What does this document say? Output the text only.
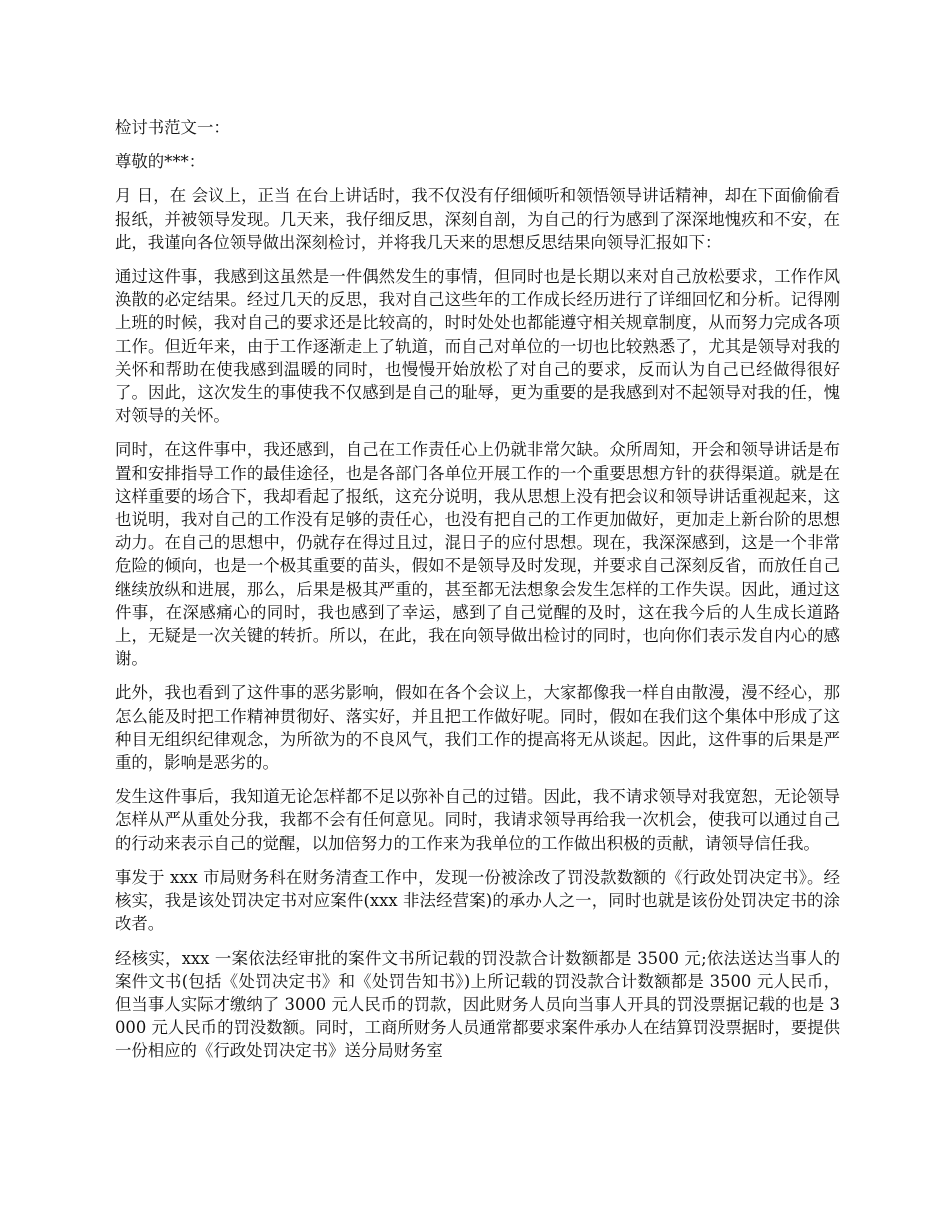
检讨书范文一：

尊敬的***：

月 日，在 会议上，正当 在台上讲话时，我不仅没有仔细倾听和领悟领导讲话精神，却在下面偷偷看报纸，并被领导发现。几天来，我仔细反思，深刻自剖，为自己的行为感到了深深地愧疚和不安，在此，我谨向各位领导做出深刻检讨，并将我几天来的思想反思结果向领导汇报如下：

通过这件事，我感到这虽然是一件偶然发生的事情，但同时也是长期以来对自己放松要求，工作作风涣散的必定结果。经过几天的反思，我对自己这些年的工作成长经历进行了详细回忆和分析。记得刚上班的时候，我对自己的要求还是比较高的，时时处处也都能遵守相关规章制度，从而努力完成各项工作。但近年来，由于工作逐渐走上了轨道，而自己对单位的一切也比较熟悉了，尤其是领导对我的关怀和帮助在使我感到温暖的同时，也慢慢开始放松了对自己的要求，反而认为自己已经做得很好了。因此，这次发生的事使我不仅感到是自己的耻辱，更为重要的是我感到对不起领导对我的任，愧对领导的关怀。

同时，在这件事中，我还感到，自己在工作责任心上仍就非常欠缺。众所周知，开会和领导讲话是布置和安排指导工作的最佳途径，也是各部门各单位开展工作的一个重要思想方针的获得渠道。就是在这样重要的场合下，我却看起了报纸，这充分说明，我从思想上没有把会议和领导讲话重视起来，这也说明，我对自己的工作没有足够的责任心，也没有把自己的工作更加做好，更加走上新台阶的思想动力。在自己的思想中，仍就存在得过且过，混日子的应付思想。现在，我深深感到，这是一个非常危险的倾向，也是一个极其重要的苗头，假如不是领导及时发现，并要求自己深刻反省，而放任自己继续放纵和进展，那么，后果是极其严重的，甚至都无法想象会发生怎样的工作失误。因此，通过这件事，在深感痛心的同时，我也感到了幸运，感到了自己觉醒的及时，这在我今后的人生成长道路上，无疑是一次关键的转折。所以，在此，我在向领导做出检讨的同时，也向你们表示发自内心的感谢。

此外，我也看到了这件事的恶劣影响，假如在各个会议上，大家都像我一样自由散漫，漫不经心，那怎么能及时把工作精神贯彻好、落实好，并且把工作做好呢。同时，假如在我们这个集体中形成了这种目无组织纪律观念，为所欲为的不良风气，我们工作的提高将无从谈起。因此，这件事的后果是严重的，影响是恶劣的。

发生这件事后，我知道无论怎样都不足以弥补自己的过错。因此，我不请求领导对我宽恕，无论领导怎样从严从重处分我，我都不会有任何意见。同时，我请求领导再给我一次机会，使我可以通过自己的行动来表示自己的觉醒，以加倍努力的工作来为我单位的工作做出积极的贡献，请领导信任我。

事发于 xxx 市局财务科在财务清查工作中，发现一份被涂改了罚没款数额的《行政处罚决定书》。经核实，我是该处罚决定书对应案件(xxx 非法经营案)的承办人之一，同时也就是该份处罚决定书的涂改者。

经核实，xxx 一案依法经审批的案件文书所记载的罚没款合计数额都是 3500 元;依法送达当事人的案件文书(包括《处罚决定书》和《处罚告知书》)上所记载的罚没款合计数额都是 3500 元人民币，但当事人实际才缴纳了 3000 元人民币的罚款，因此财务人员向当事人开具的罚没票据记载的也是 3000 元人民币的罚没数额。同时，工商所财务人员通常都要求案件承办人在结算罚没票据时，要提供一份相应的《行政处罚决定书》送分局财务室
